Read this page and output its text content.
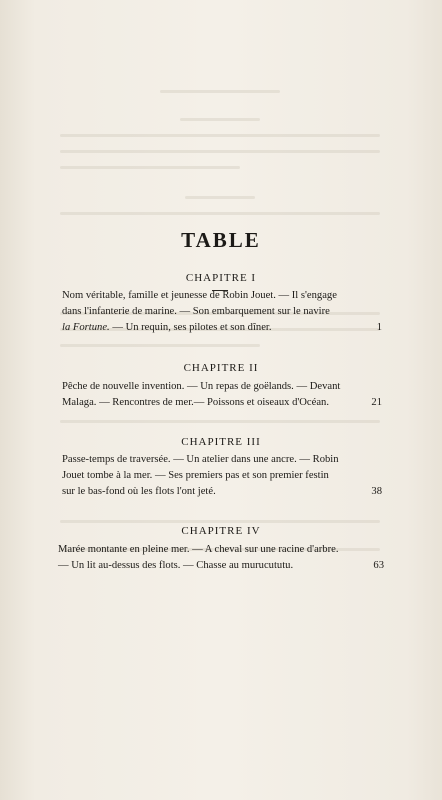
TABLE
CHAPITRE I
Nom véritable, famille et jeunesse de Robin Jouet. — Il s'engage
dans l'infanterie de marine. — Son embarquement sur le navire
1
la Fortune. — Un requin, ses pilotes et son dîner.
CHAPITRE II
Pêche de nouvelle invention. — Un repas de goëlands. — Devant
21
Malaga. — Rencontres de mer.— Poissons et oiseaux d'Océan.
CHAPITRE III
Passe-temps de traversée. — Un atelier dans une ancre. — Robin
Jouet tombe à la mer. — Ses premiers pas et son premier festin
38
sur le bas-fond où les flots l'ont jeté.
CHAPITRE IV
Marée montante en pleine mer. — A cheval sur une racine d'arbre.
63
— Un lit au-dessus des flots. — Chasse au murucututu.
